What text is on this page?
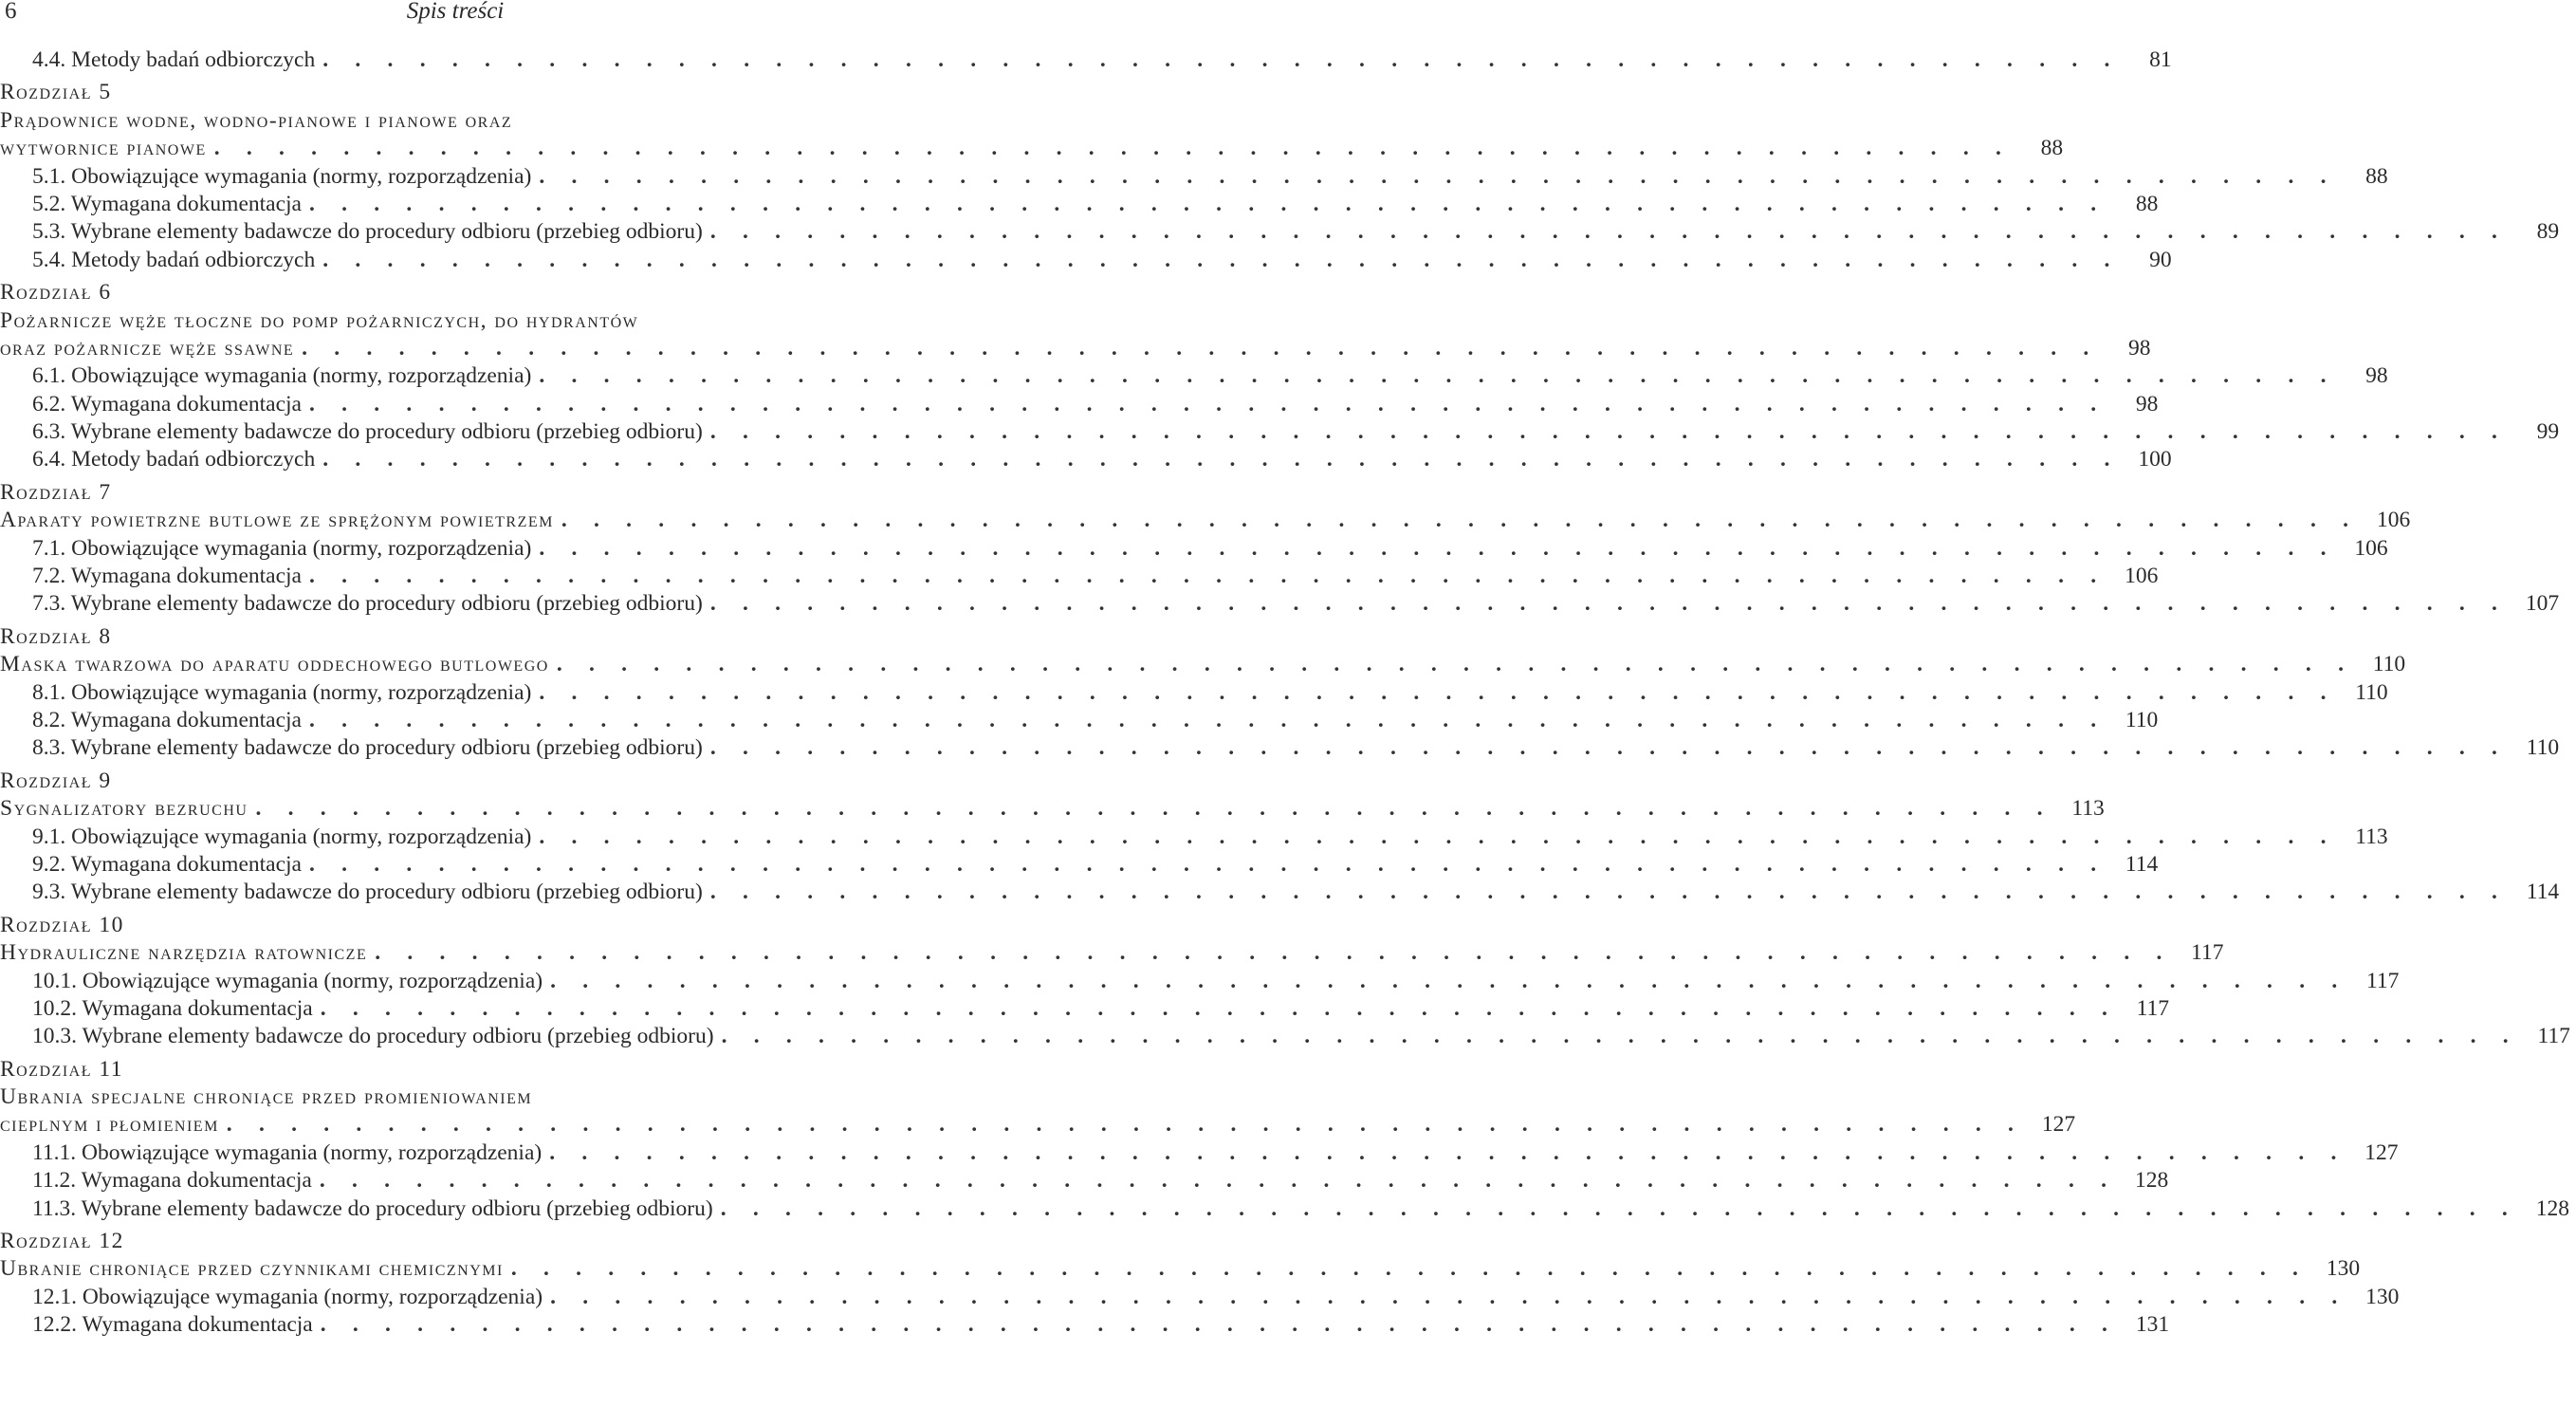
6	Spis treści
4.4. Metody badań odbiorczych . . . . . . . . . . . . . . . . . . . . . . . . . . . . . . . . . . . . . . . . . . . . . . . . . . . . . . . .	81
Rozdział 5
Prądownice wodne, wodno-pianowe i pianowe oraz
wytwornice pianowe . . . . . . . . . . . . . . . . . . . . . . . . . . . . . . . . . . . . . . . . . . . . . . . . . . . . . . . .	88
5.1. Obowiązujące wymagania (normy, rozporządzenia) . . . . . . . . . . . . . . . . . . . . . . . . . . . . . . . . . . . . . . . . . . . . . . . . . . . . . . . .	88
5.2. Wymagana dokumentacja . . . . . . . . . . . . . . . . . . . . . . . . . . . . . . . . . . . . . . . . . . . . . . . . . . . . . . . .	88
5.3. Wybrane elementy badawcze do procedury odbioru (przebieg odbioru) . . . . . . . . . . . . . . . . . . . . . . . . . . . . . . . . . . . . . . . . . . . . . . . . . . . . . . . .	89
5.4. Metody badań odbiorczych . . . . . . . . . . . . . . . . . . . . . . . . . . . . . . . . . . . . . . . . . . . . . . . . . . . . . . . .	90
Rozdział 6
Pożarnicze węże tłoczne do pomp pożarniczych, do hydrantów
oraz pożarnicze węże ssawne . . . . . . . . . . . . . . . . . . . . . . . . . . . . . . . . . . . . . . . . . . . . . . . . . . . . . . . .	98
6.1. Obowiązujące wymagania (normy, rozporządzenia) . . . . . . . . . . . . . . . . . . . . . . . . . . . . . . . . . . . . . . . . . . . . . . . . . . . . . . . .	98
6.2. Wymagana dokumentacja . . . . . . . . . . . . . . . . . . . . . . . . . . . . . . . . . . . . . . . . . . . . . . . . . . . . . . . .	98
6.3. Wybrane elementy badawcze do procedury odbioru (przebieg odbioru) . . . . . . . . . . . . . . . . . . . . . . . . . . . . . . . . . . . . . . . . . . . . . . . . . . . . . . . .	99
6.4. Metody badań odbiorczych . . . . . . . . . . . . . . . . . . . . . . . . . . . . . . . . . . . . . . . . . . . . . . . . . . . . . . . . 100
Rozdział 7
Aparaty powietrzne butlowe ze sprężonym powietrzem . . . . . . . . . . . . . . . . . . . . . . . . . . . . . . . . . . . . . . . . . . . . . . . . . . . . . . . . 106
7.1. Obowiązujące wymagania (normy, rozporządzenia) . . . . . . . . . . . . . . . . . . . . . . . . . . . . . . . . . . . . . . . . . . . . . . . . . . . . . . . . 106
7.2. Wymagana dokumentacja . . . . . . . . . . . . . . . . . . . . . . . . . . . . . . . . . . . . . . . . . . . . . . . . . . . . . . . . 106
7.3. Wybrane elementy badawcze do procedury odbioru (przebieg odbioru) . . . . . . . . . . . . . . . . . . . . . . . . . . . . . . . . . . . . . . . . . . . . . . . . . . . . . . . . 107
Rozdział 8
Maska twarzowa do aparatu oddechowego butlowego . . . . . . . . . . . . . . . . . . . . . . . . . . . . . . . . . . . . . . . . . . . . . . . . . . . . . . . . 110
8.1. Obowiązujące wymagania (normy, rozporządzenia) . . . . . . . . . . . . . . . . . . . . . . . . . . . . . . . . . . . . . . . . . . . . . . . . . . . . . . . . 110
8.2. Wymagana dokumentacja . . . . . . . . . . . . . . . . . . . . . . . . . . . . . . . . . . . . . . . . . . . . . . . . . . . . . . . . 110
8.3. Wybrane elementy badawcze do procedury odbioru (przebieg odbioru) . . . . . . . . . . . . . . . . . . . . . . . . . . . . . . . . . . . . . . . . . . . . . . . . . . . . . . . . 110
Rozdział 9
Sygnalizatory bezruchu . . . . . . . . . . . . . . . . . . . . . . . . . . . . . . . . . . . . . . . . . . . . . . . . . . . . . . . . 113
9.1. Obowiązujące wymagania (normy, rozporządzenia) . . . . . . . . . . . . . . . . . . . . . . . . . . . . . . . . . . . . . . . . . . . . . . . . . . . . . . . . 113
9.2. Wymagana dokumentacja . . . . . . . . . . . . . . . . . . . . . . . . . . . . . . . . . . . . . . . . . . . . . . . . . . . . . . . . 114
9.3. Wybrane elementy badawcze do procedury odbioru (przebieg odbioru) . . . . . . . . . . . . . . . . . . . . . . . . . . . . . . . . . . . . . . . . . . . . . . . . . . . . . . . . 114
Rozdział 10
Hydrauliczne narzędzia ratownicze . . . . . . . . . . . . . . . . . . . . . . . . . . . . . . . . . . . . . . . . . . . . . . . . . . . . . . . . 117
10.1. Obowiązujące wymagania (normy, rozporządzenia) . . . . . . . . . . . . . . . . . . . . . . . . . . . . . . . . . . . . . . . . . . . . . . . . . . . . . . . . 117
10.2. Wymagana dokumentacja . . . . . . . . . . . . . . . . . . . . . . . . . . . . . . . . . . . . . . . . . . . . . . . . . . . . . . . . 117
10.3. Wybrane elementy badawcze do procedury odbioru (przebieg odbioru) . . . . . . . . . . . . . . . . . . . . . . . . . . . . . . . . . . . . . . . . . . . . . . . . . . . . . . . . 117
Rozdział 11
Ubrania specjalne chroniące przed promieniowaniem
cieplnym i płomieniem . . . . . . . . . . . . . . . . . . . . . . . . . . . . . . . . . . . . . . . . . . . . . . . . . . . . . . . . 127
11.1. Obowiązujące wymagania (normy, rozporządzenia) . . . . . . . . . . . . . . . . . . . . . . . . . . . . . . . . . . . . . . . . . . . . . . . . . . . . . . . . 127
11.2. Wymagana dokumentacja . . . . . . . . . . . . . . . . . . . . . . . . . . . . . . . . . . . . . . . . . . . . . . . . . . . . . . . . 128
11.3. Wybrane elementy badawcze do procedury odbioru (przebieg odbioru) . . . . . . . . . . . . . . . . . . . . . . . . . . . . . . . . . . . . . . . . . . . . . . . . . . . . . . . . 128
Rozdział 12
Ubranie chroniące przed czynnikami chemicznymi . . . . . . . . . . . . . . . . . . . . . . . . . . . . . . . . . . . . . . . . . . . . . . . . . . . . . . . . 130
12.1. Obowiązujące wymagania (normy, rozporządzenia) . . . . . . . . . . . . . . . . . . . . . . . . . . . . . . . . . . . . . . . . . . . . . . . . . . . . . . . . 130
12.2. Wymagana dokumentacja . . . . . . . . . . . . . . . . . . . . . . . . . . . . . . . . . . . . . . . . . . . . . . . . . . . . . . . . 131
